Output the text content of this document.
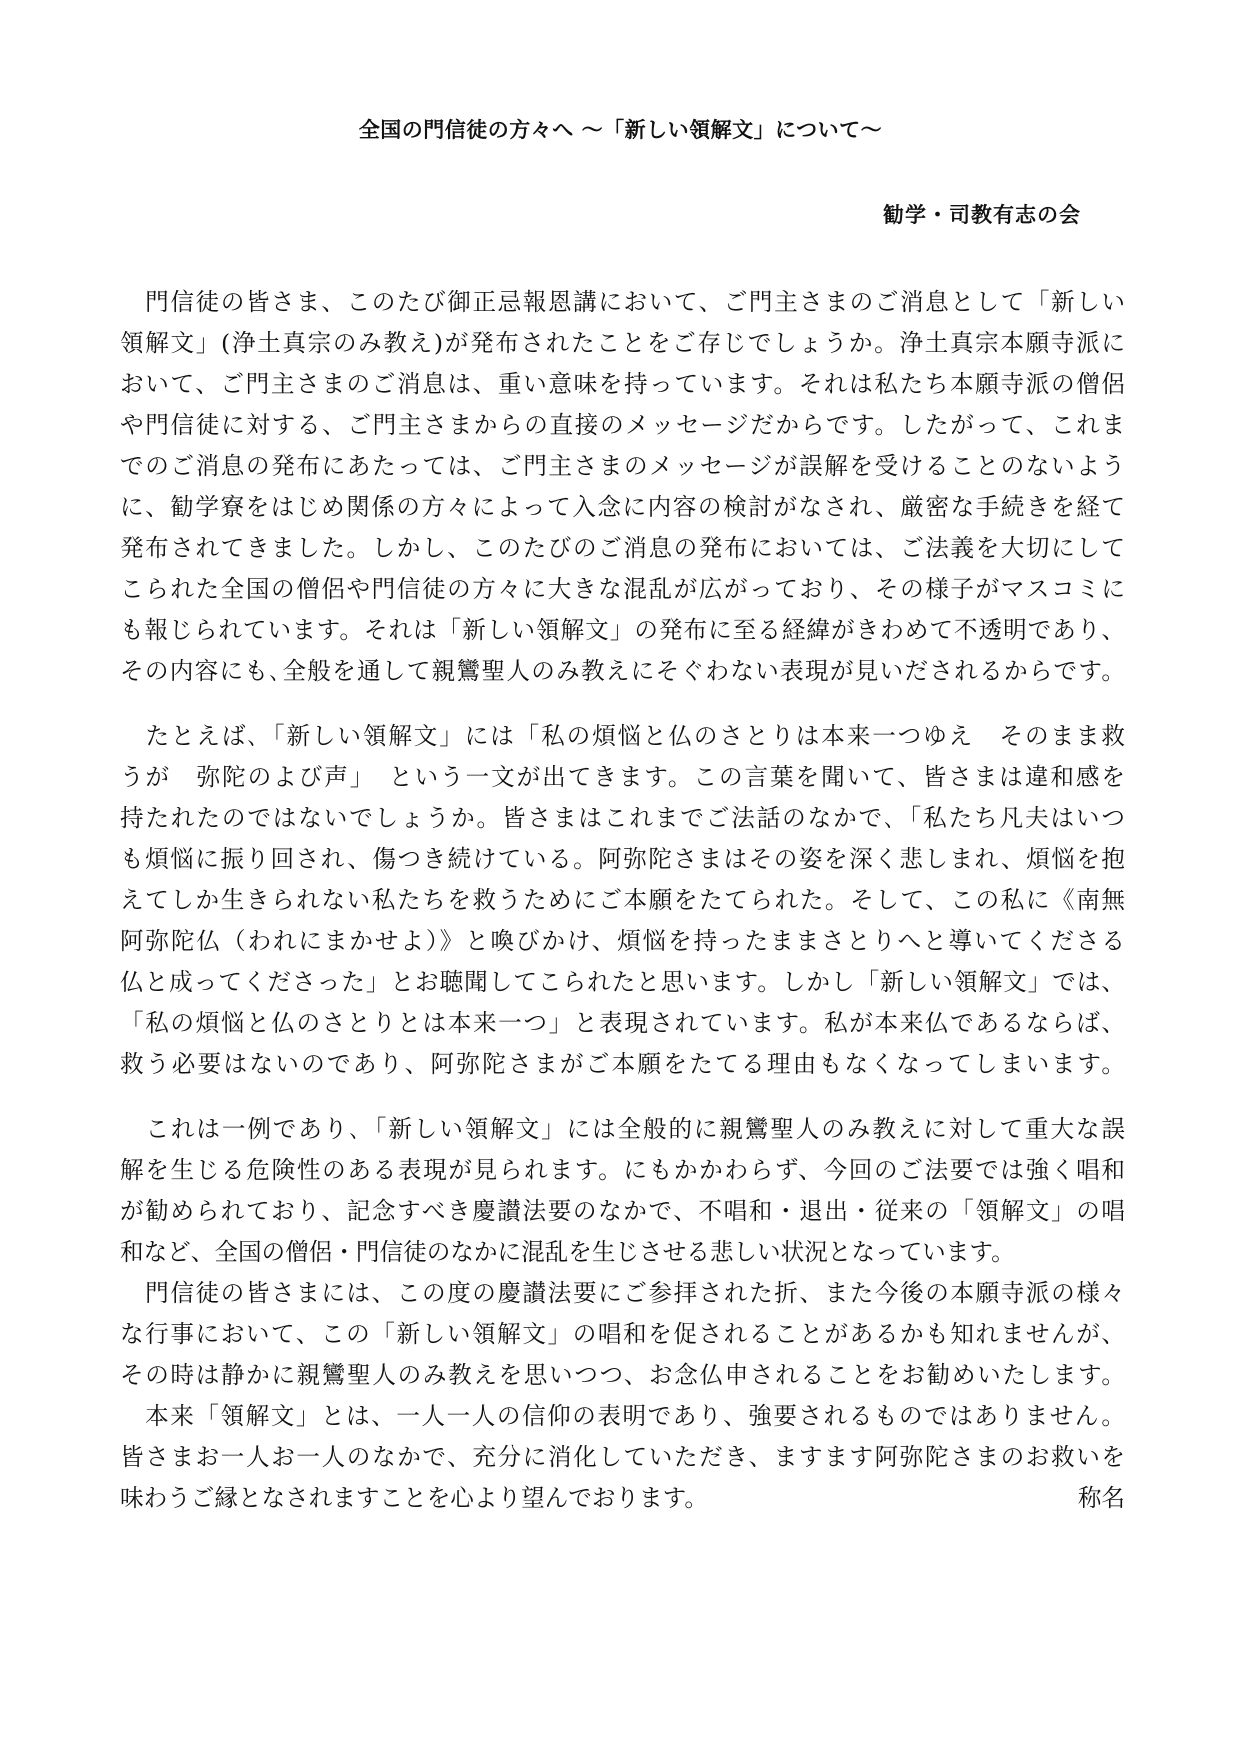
全国の門信徒の方々へ ～「新しい領解文」について～

勧学・司教有志の会

　門信徒の皆さま、このたび御正忌報恩講において、ご門主さまのご消息として「新しい
領解文」(浄土真宗のみ教え)が発布されたことをご存じでしょうか。浄土真宗本願寺派に
おいて、ご門主さまのご消息は、重い意味を持っています。それは私たち本願寺派の僧侶
や門信徒に対する、ご門主さまからの直接のメッセージだからです。したがって、これま
でのご消息の発布にあたっては、ご門主さまのメッセージが誤解を受けることのないよう
に、勧学寮をはじめ関係の方々によって入念に内容の検討がなされ、厳密な手続きを経て
発布されてきました。しかし、このたびのご消息の発布においては、ご法義を大切にして
こられた全国の僧侶や門信徒の方々に大きな混乱が広がっており、その様子がマスコミに
も報じられています。それは「新しい領解文」の発布に至る経緯がきわめて不透明であり、
その内容にも､全般を通して親鸞聖人のみ教えにそぐわない表現が見いだされるからです。
　たとえば､「新しい領解文」には「私の煩悩と仏のさとりは本来一つゆえ　そのまま救
うが　弥陀のよび声」　という一文が出てきます。この言葉を聞いて、皆さまは違和感を
持たれたのではないでしょうか。皆さまはこれまでご法話のなかで､「私たち凡夫はいつ
も煩悩に振り回され、傷つき続けている。阿弥陀さまはその姿を深く悲しまれ、煩悩を抱
えてしか生きられない私たちを救うためにご本願をたてられた。そして、この私に《南無
阿弥陀仏（われにまかせよ）》と喚びかけ、煩悩を持ったままさとりへと導いてくださる
仏と成ってくださった」とお聴聞してこられたと思います。しかし「新しい領解文」では、
「私の煩悩と仏のさとりとは本来一つ」と表現されています。私が本来仏であるならば、
救う必要はないのであり、阿弥陀さまがご本願をたてる理由もなくなってしまいます。
　これは一例であり､「新しい領解文」には全般的に親鸞聖人のみ教えに対して重大な誤
解を生じる危険性のある表現が見られます。にもかかわらず、今回のご法要では強く唱和
が勧められており、記念すべき慶讃法要のなかで、不唱和・退出・従来の「領解文」の唱
和など、全国の僧侶・門信徒のなかに混乱を生じさせる悲しい状況となっています。
　門信徒の皆さまには、この度の慶讃法要にご参拝された折、また今後の本願寺派の様々
な行事において、この「新しい領解文」の唱和を促されることがあるかも知れませんが、
その時は静かに親鸞聖人のみ教えを思いつつ、お念仏申されることをお勧めいたします。
　本来「領解文」とは、一人一人の信仰の表明であり、強要されるものではありません。
皆さまお一人お一人のなかで、充分に消化していただき、ますます阿弥陀さまのお救いを
味わうご縁となされますことを心より望んでおります。	称名
